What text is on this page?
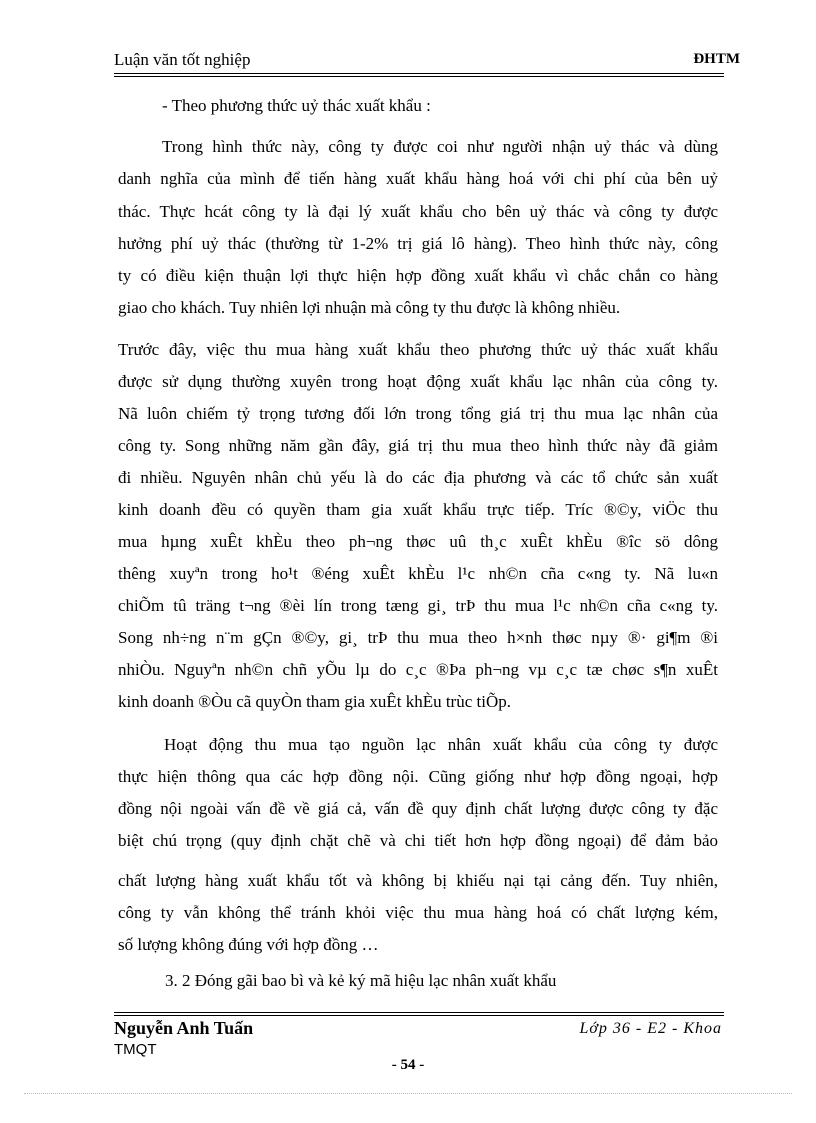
Luận văn tốt nghiệp	ĐHTM
- Theo phương thức uỷ thác xuất khẩu :
Trong hình thức này, công ty được coi như người nhận uỷ thác và dùng
danh nghĩa của mình để tiến hàng xuất khẩu hàng hoá với chi phí của bên uỷ
thác. Thực hcát công ty là đại lý xuất khẩu cho bên uỷ thác và công ty được
hưởng phí uỷ thác (thường từ 1-2% trị giá lô hàng). Theo hình thức này, công
ty có điều kiện thuận lợi thực hiện hợp đồng xuất khẩu vì chắc chắn co hàng
giao cho khách. Tuy nhiên lợi nhuận mà công ty thu được là không nhiều.
Trước đây, việc thu mua hàng xuất khẩu theo phương thức uỷ thác xuất khẩu
được sử dụng thường xuyên trong hoạt động xuất khẩu lạc nhân của công ty.
Nã luôn chiếm tỷ trọng tương đối lớn trong tổng giá trị thu mua lạc nhân của
công ty. Song những năm gần đây, giá trị thu mua theo hình thức này đã giảm
đi nhiều. Nguyên nhân chủ yếu là do các địa phương và các tổ chức sản xuất
kinh doanh đều có quyền tham gia xuất khẩu trực tiếp. Tríc ®©y, viÖc thu
mua hµng xuÊt khÈu theo ph¬ng thøc uû th¸c xuÊt khÈu ®îc sö dông
thêng xuyªn trong ho¹t ®éng xuÊt khÈu l¹c nh©n cña c«ng ty. Nã lu«n
chiÕm tû träng t¬ng ®èi lín trong tæng gi¸ trÞ thu mua l¹c nh©n cña c«ng ty.
Song nh÷ng n¨m gÇn ®©y, gi¸ trÞ thu mua theo h×nh thøc nµy ®· gi¶m ®i
nhiÒu. Nguyªn nh©n chñ yÕu lµ do c¸c ®Þa ph¬ng vµ c¸c tæ chøc s¶n xuÊt
kinh doanh ®Òu cã quyÒn tham gia xuÊt khÈu trùc tiÕp.
Hoạt động thu mua tạo nguồn lạc nhân xuất khẩu của công ty được
thực hiện thông qua các hợp đồng nội. Cũng giống như hợp đồng ngoại, hợp
đồng nội ngoài vấn đề về giá cả, vấn đề quy định chất lượng được công ty đặc
biệt chú trọng (quy định chặt chẽ và chi tiết hơn hợp đồng ngoại) để đảm bảo
chất lượng hàng xuất khẩu tốt và không bị khiếu nại tại cảng đến. Tuy nhiên,
công ty vẫn không thể tránh khỏi việc thu mua hàng hoá có chất lượng kém,
số lượng không đúng với hợp đồng …
3. 2 Đóng gãi bao bì và kẻ ký mã hiệu lạc nhân xuất khẩu
Nguyễn Anh Tuấn	Lớp 36 - E2 - Khoa
TMQT
- 54 -
